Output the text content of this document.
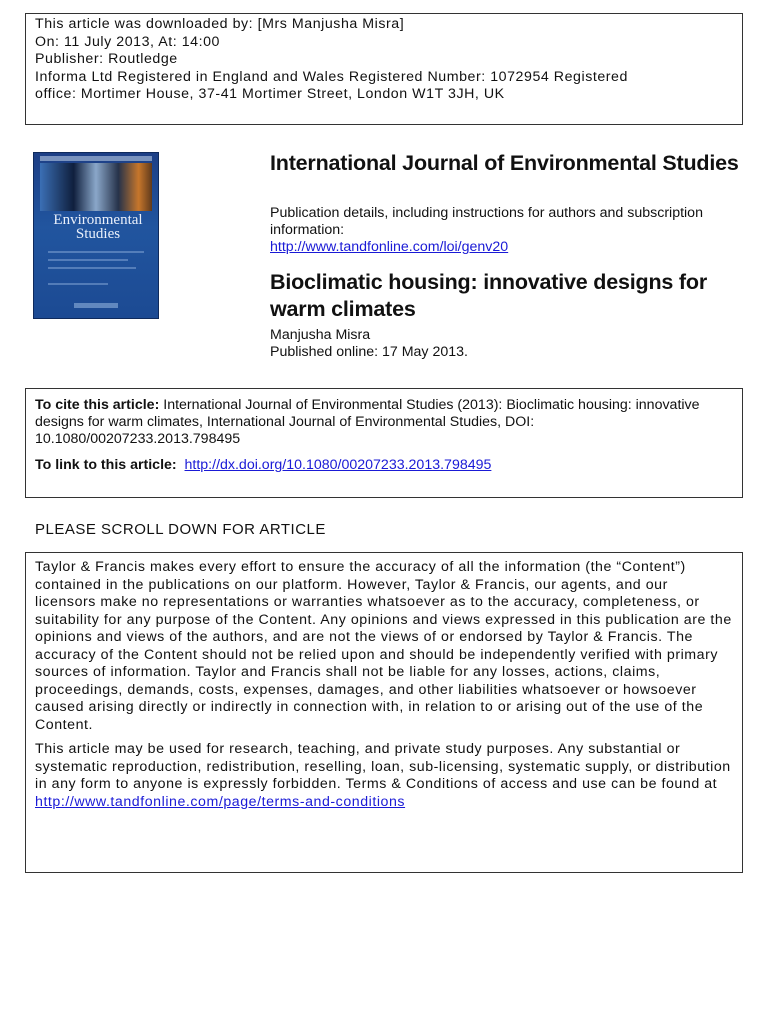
This article was downloaded by: [Mrs Manjusha Misra]
On: 11 July 2013, At: 14:00
Publisher: Routledge
Informa Ltd Registered in England and Wales Registered Number: 1072954 Registered
office: Mortimer House, 37-41 Mortimer Street, London W1T 3JH, UK
Environmental
Studies
International Journal of Environmental Studies
Publication details, including instructions for authors and subscription information:
http://www.tandfonline.com/loi/genv20
Bioclimatic housing: innovative designs for warm climates
Manjusha Misra
Published online: 17 May 2013.
To cite this article: International Journal of Environmental Studies (2013): Bioclimatic housing: innovative designs for warm climates, International Journal of Environmental Studies, DOI: 10.1080/00207233.2013.798495
To link to this article: http://dx.doi.org/10.1080/00207233.2013.798495
PLEASE SCROLL DOWN FOR ARTICLE

Taylor & Francis makes every effort to ensure the accuracy of all the information (the “Content”) contained in the publications on our platform. However, Taylor & Francis, our agents, and our licensors make no representations or warranties whatsoever as to the accuracy, completeness, or suitability for any purpose of the Content. Any opinions and views expressed in this publication are the opinions and views of the authors, and are not the views of or endorsed by Taylor & Francis. The accuracy of the Content should not be relied upon and should be independently verified with primary sources of information. Taylor and Francis shall not be liable for any losses, actions, claims, proceedings, demands, costs, expenses, damages, and other liabilities whatsoever or howsoever caused arising directly or indirectly in connection with, in relation to or arising out of the use of the Content.

This article may be used for research, teaching, and private study purposes. Any substantial or systematic reproduction, redistribution, reselling, loan, sub-licensing, systematic supply, or distribution in any form to anyone is expressly forbidden. Terms & Conditions of access and use can be found at http://www.tandfonline.com/page/terms-and-conditions
